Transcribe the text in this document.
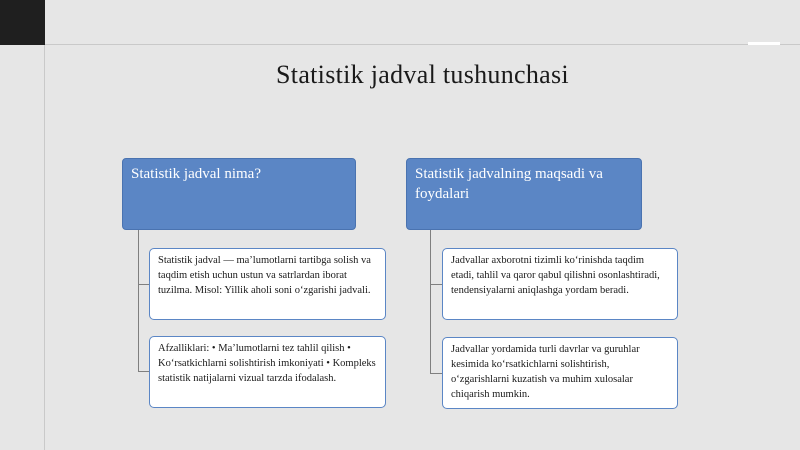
Statistik jadval tushunchasi
Statistik jadval nima?
Statistik jadval — ma’lumotlarni tartibga solish va taqdim etish uchun ustun va satrlardan iborat tuzilma. Misol: Yillik aholi soni o‘zgarishi jadvali.
Afzalliklari: • Ma’lumotlarni tez tahlil qilish • Ko‘rsatkichlarni solishtirish imkoniyati • Kompleks statistik natijalarni vizual tarzda ifodalash.
Statistik jadvalning maqsadi va foydalari
Jadvallar axborotni tizimli ko‘rinishda taqdim etadi, tahlil va qaror qabul qilishni osonlashtiradi, tendensiyalarni aniqlashga yordam beradi.
Jadvallar yordamida turli davrlar va guruhlar kesimida ko‘rsatkichlarni solishtirish, o‘zgarishlarni kuzatish va muhim xulosalar chiqarish mumkin.
